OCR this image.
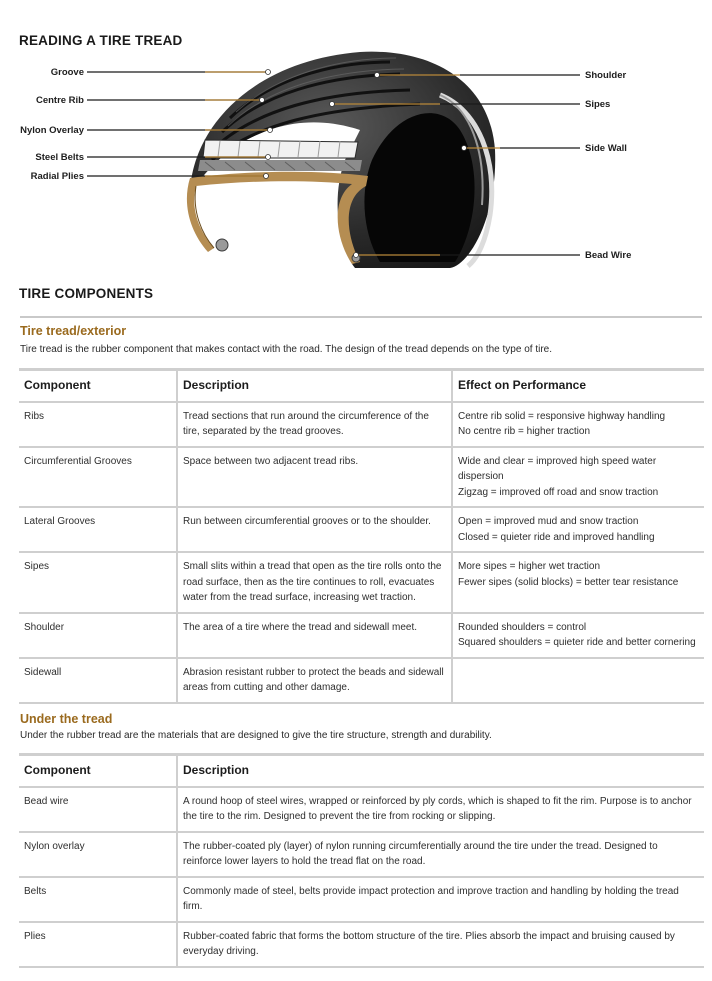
READING A TIRE TREAD
Groove
Centre Rib
Nylon Overlay
Steel Belts
Radial Plies
Shoulder
Sipes
Side Wall
Bead Wire
TIRE COMPONENTS
Tire tread/exterior
Tire tread is the rubber component that makes contact with the road. The design of the tread depends on the type of tire.
Component	Description	Effect on Performance
Ribs	Tread sections that run around the circumference of the tire, separated by the tread grooves.	Centre rib solid = responsive highway handling
No centre rib = higher traction

Circumferential Grooves	Space between two adjacent tread ribs.	Wide and clear = improved high speed water dispersion
Zigzag = improved off road and snow traction

Lateral Grooves	Run between circumferential grooves or to the shoulder.	Open = improved mud and snow traction
Closed = quieter ride and improved handling

Sipes	Small slits within a tread that open as the tire rolls onto the road surface, then as the tire continues to roll, evacuates water from the tread surface, increasing wet traction.	More sipes = higher wet traction
Fewer sipes (solid blocks) = better tear resistance

Shoulder	The area of a tire where the tread and sidewall meet.	Rounded shoulders = control
Squared shoulders = quieter ride and better cornering

Sidewall	Abrasion resistant rubber to protect the beads and sidewall areas from cutting and other damage.	
Under the tread
Under the rubber tread are the materials that are designed to give the tire structure, strength and durability.
Component	Description
Bead wire	A round hoop of steel wires, wrapped or reinforced by ply cords, which is shaped to fit the rim. Purpose is to anchor the tire to the rim. Designed to prevent the tire from rocking or slipping.
Nylon overlay	The rubber-coated ply (layer) of nylon running circumferentially around the tire under the tread. Designed to reinforce lower layers to hold the tread flat on the road.
Belts	Commonly made of steel, belts provide impact protection and improve traction and handling by holding the tread firm.
Plies	Rubber-coated fabric that forms the bottom structure of the tire. Plies absorb the impact and bruising caused by everyday driving.
